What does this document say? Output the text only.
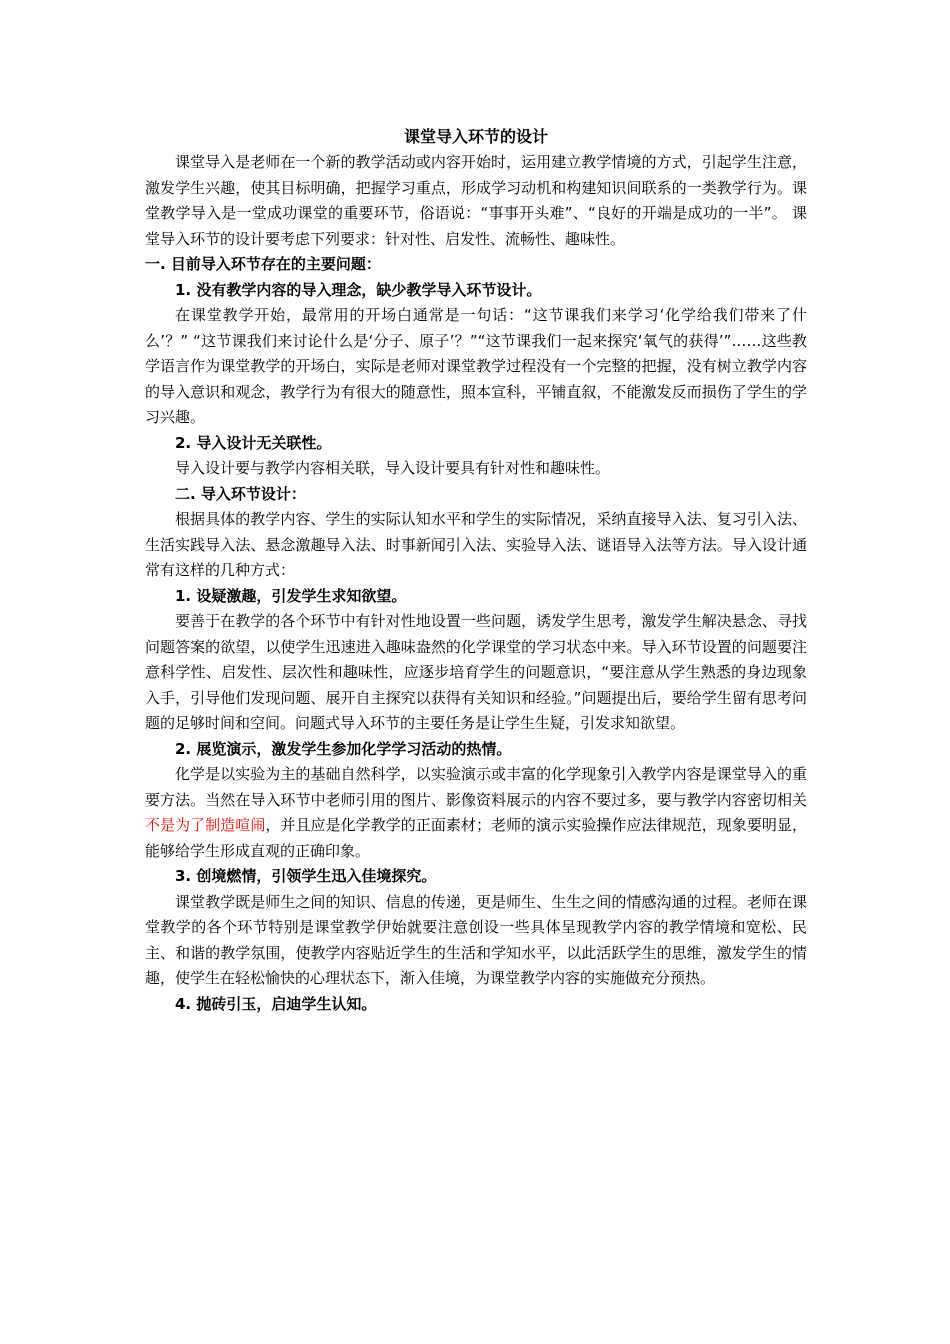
课堂导入环节的设计

课堂导入是老师在一个新的教学活动或内容开始时，运用建立教学情境的方式，引起学生注意，激发学生兴趣，使其目标明确，把握学习重点，形成学习动机和构建知识间联系的一类教学行为。课堂教学导入是一堂成功课堂的重要环节，俗语说：“事事开头难”、“良好的开端是成功的一半”。 课堂导入环节的设计要考虑下列要求：针对性、启发性、流畅性、趣味性。

一. 目前导入环节存在的主要问题：

1. 没有教学内容的导入理念，缺少教学导入环节设计。

在课堂教学开始，最常用的开场白通常是一句话：“这节课我们来学习‘化学给我们带来了什么’？” “这节课我们来讨论什么是‘分子、原子’？”“这节课我们一起来探究‘氧气的获得’”……这些教学语言作为课堂教学的开场白，实际是老师对课堂教学过程没有一个完整的把握，没有树立教学内容的导入意识和观念，教学行为有很大的随意性，照本宣科，平铺直叙，不能激发反而损伤了学生的学习兴趣。

2. 导入设计无关联性。

导入设计要与教学内容相关联，导入设计要具有针对性和趣味性。

二. 导入环节设计：

根据具体的教学内容、学生的实际认知水平和学生的实际情况，采纳直接导入法、复习引入法、生活实践导入法、悬念激趣导入法、时事新闻引入法、实验导入法、谜语导入法等方法。导入设计通常有这样的几种方式：

1. 设疑激趣，引发学生求知欲望。

要善于在教学的各个环节中有针对性地设置一些问题，诱发学生思考，激发学生解决悬念、寻找问题答案的欲望，以使学生迅速进入趣味盎然的化学课堂的学习状态中来。导入环节设置的问题要注意科学性、启发性、层次性和趣味性，应逐步培育学生的问题意识，“要注意从学生熟悉的身边现象入手，引导他们发现问题、展开自主探究以获得有关知识和经验。”问题提出后，要给学生留有思考问题的足够时间和空间。问题式导入环节的主要任务是让学生生疑，引发求知欲望。

2. 展览演示，激发学生参加化学学习活动的热情。

化学是以实验为主的基础自然科学，以实验演示或丰富的化学现象引入教学内容是课堂导入的重要方法。当然在导入环节中老师引用的图片、影像资料展示的内容不要过多，要与教学内容密切相关不是为了制造喧闹，并且应是化学教学的正面素材；老师的演示实验操作应法律规范，现象要明显，能够给学生形成直观的正确印象。

3. 创境燃情，引领学生迅入佳境探究。

课堂教学既是师生之间的知识、信息的传递，更是师生、生生之间的情感沟通的过程。老师在课堂教学的各个环节特别是课堂教学伊始就要注意创设一些具体呈现教学内容的教学情境和宽松、民主、和谐的教学氛围，使教学内容贴近学生的生活和学知水平，以此活跃学生的思维，激发学生的情趣，使学生在轻松愉快的心理状态下，渐入佳境，为课堂教学内容的实施做充分预热。

4. 抛砖引玉，启迪学生认知。
